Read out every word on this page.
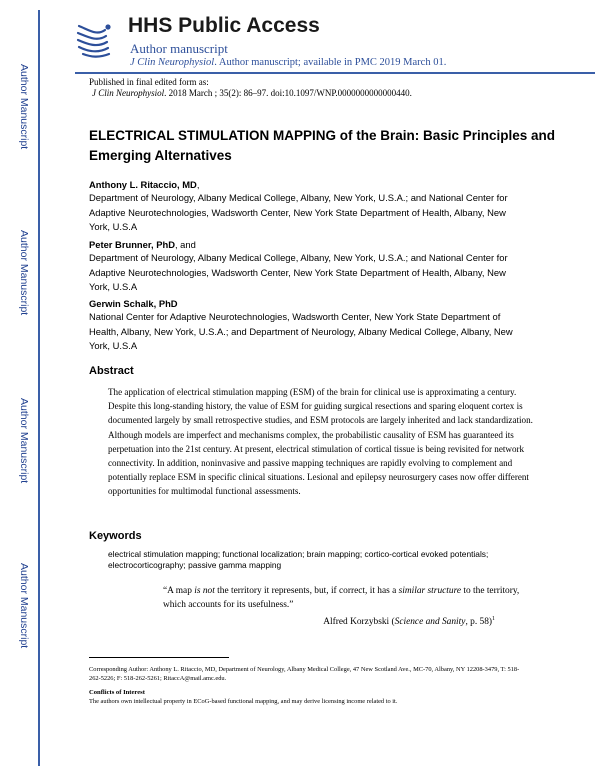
Author Manuscript
Author Manuscript
Author Manuscript
Author Manuscript
HHS Public Access
Author manuscript
J Clin Neurophysiol. Author manuscript; available in PMC 2019 March 01.
Published in final edited form as:
J Clin Neurophysiol. 2018 March ; 35(2): 86–97. doi:10.1097/WNP.0000000000000440.
ELECTRICAL STIMULATION MAPPING of the Brain: Basic Principles and Emerging Alternatives
Anthony L. Ritaccio, MD,
Department of Neurology, Albany Medical College, Albany, New York, U.S.A.; and National Center for Adaptive Neurotechnologies, Wadsworth Center, New York State Department of Health, Albany, New York, U.S.A
Peter Brunner, PhD, and
Department of Neurology, Albany Medical College, Albany, New York, U.S.A.; and National Center for Adaptive Neurotechnologies, Wadsworth Center, New York State Department of Health, Albany, New York, U.S.A
Gerwin Schalk, PhD
National Center for Adaptive Neurotechnologies, Wadsworth Center, New York State Department of Health, Albany, New York, U.S.A.; and Department of Neurology, Albany Medical College, Albany, New York, U.S.A
Abstract
The application of electrical stimulation mapping (ESM) of the brain for clinical use is approximating a century. Despite this long-standing history, the value of ESM for guiding surgical resections and sparing eloquent cortex is documented largely by small retrospective studies, and ESM protocols are largely inherited and lack standardization. Although models are imperfect and mechanisms complex, the probabilistic causality of ESM has guaranteed its perpetuation into the 21st century. At present, electrical stimulation of cortical tissue is being revisited for network connectivity. In addition, noninvasive and passive mapping techniques are rapidly evolving to complement and potentially replace ESM in specific clinical situations. Lesional and epilepsy neurosurgery cases now offer different opportunities for multimodal functional assessments.
Keywords
electrical stimulation mapping; functional localization; brain mapping; cortico-cortical evoked potentials; electrocorticography; passive gamma mapping
“A map is not the territory it represents, but, if correct, it has a similar structure to the territory, which accounts for its usefulness.”
Alfred Korzybski (Science and Sanity, p. 58)$^1$
Corresponding Author: Anthony L. Ritaccio, MD, Department of Neurology, Albany Medical College, 47 New Scotland Ave., MC-70, Albany, NY 12208-3479, T: 518-262-5226; F: 518-262-5261; RitaccA@mail.amc.edu.
Conflicts of Interest
The authors own intellectual property in ECoG-based functional mapping, and may derive licensing income related to it.
